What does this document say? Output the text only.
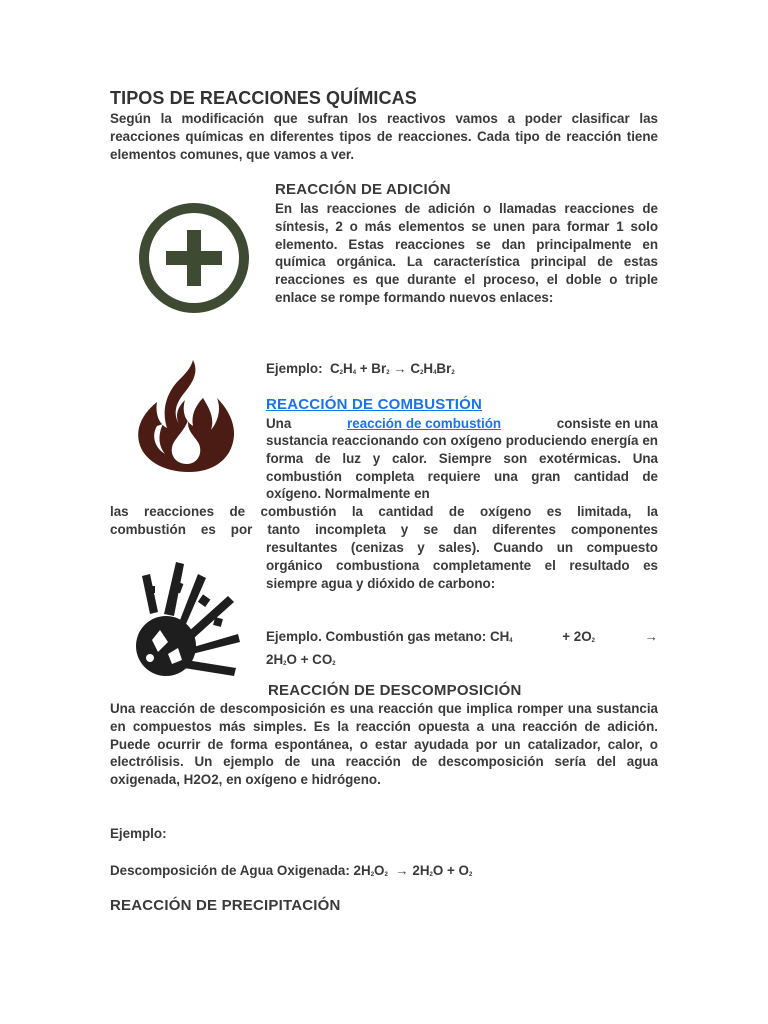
TIPOS DE REACCIONES QUÍMICAS
Según la modificación que sufran los reactivos vamos a poder clasificar las reacciones químicas en diferentes tipos de reacciones. Cada tipo de reacción tiene elementos comunes, que vamos a ver.
REACCIÓN DE ADICIÓN
En las reacciones de adición o llamadas reacciones de síntesis, 2 o más elementos se unen para formar 1 solo elemento. Estas reacciones se dan principalmente en química orgánica. La característica principal de estas reacciones es que durante el proceso, el doble o triple enlace se rompe formando nuevos enlaces:
Ejemplo: $C_2H_4 + Br_2 \to C_2H_4Br_2$
REACCIÓN DE COMBUSTIÓN
Una	reacción de combustión	consiste en una
sustancia reaccionando con oxígeno produciendo energía en forma de luz y calor. Siempre son exotérmicas. Una combustión completa requiere una gran cantidad de oxígeno. Normalmente en
las reacciones de combustión la cantidad de oxígeno es limitada, la
combustión es por tanto incompleta y se dan diferentes componentes
resultantes (cenizas y sales). Cuando un compuesto orgánico combustiona completamente el resultado es siempre agua y dióxido de carbono:
Ejemplo. Combustión gas metano: $CH_4$	+ $2O_2$	→
$2H_2O + CO_2$
REACCIÓN DE DESCOMPOSICIÓN
Una reacción de descomposición es una reacción que implica romper una sustancia en compuestos más simples. Es la reacción opuesta a una reacción de adición. Puede ocurrir de forma espontánea, o estar ayudada por un catalizador, calor, o electrólisis. Un ejemplo de una reacción de descomposición sería del agua oxigenada, H2O2, en oxígeno e hidrógeno.
Ejemplo:
Descomposición de Agua Oxigenada: $2H_2O_2 \to 2H_2O + O_2$
REACCIÓN DE PRECIPITACIÓN
